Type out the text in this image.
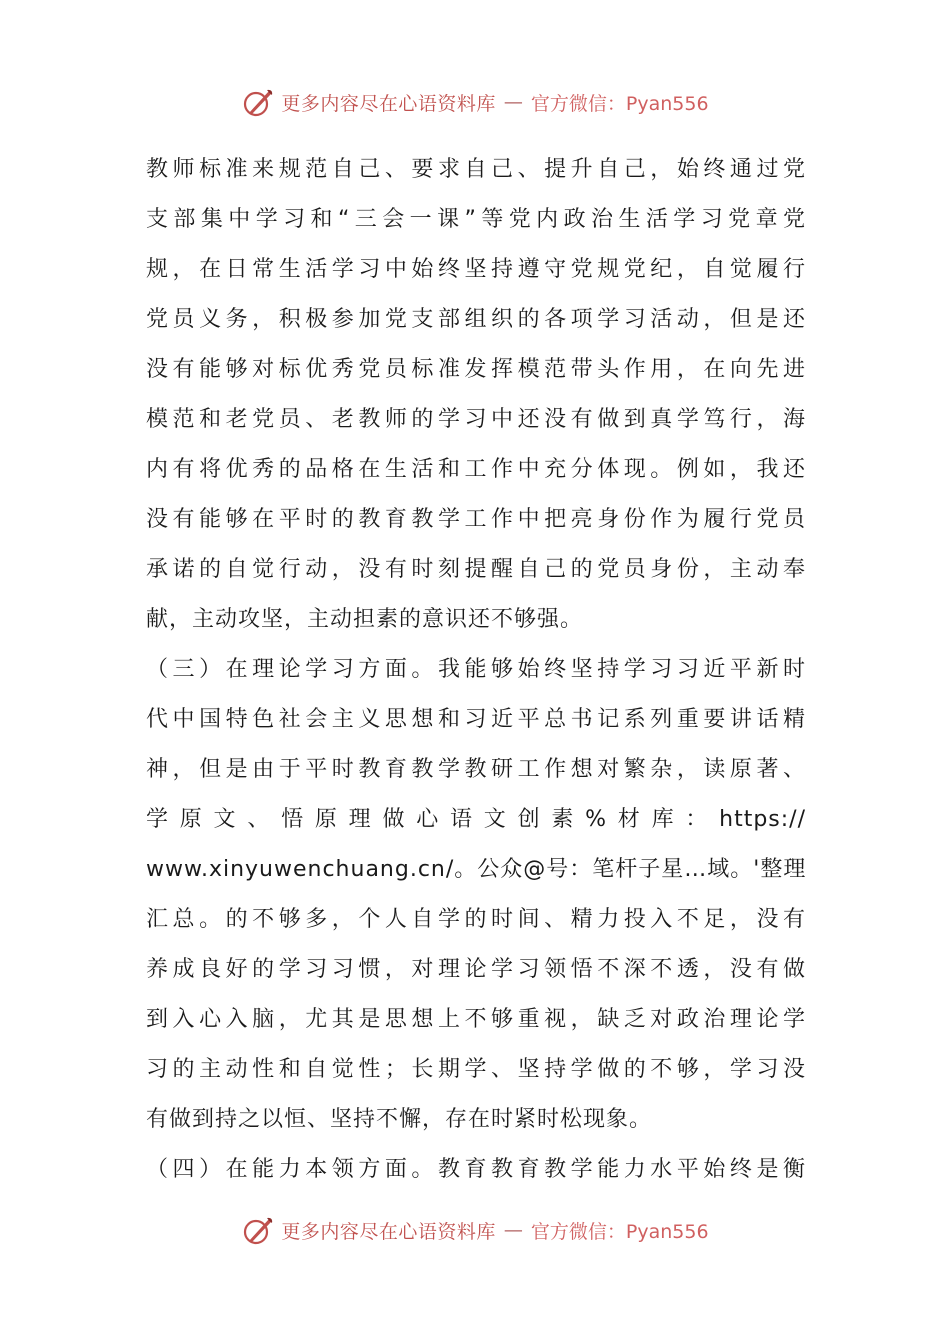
更多内容尽在心语资料库 — 官方微信：Pyan556
教师标准来规范自己、要求自己、提升自己，始终通过党
支部集中学习和“三会一课”等党内政治生活学习党章党
规，在日常生活学习中始终坚持遵守党规党纪，自觉履行
党员义务，积极参加党支部组织的各项学习活动，但是还
没有能够对标优秀党员标准发挥模范带头作用，在向先进
模范和老党员、老教师的学习中还没有做到真学笃行，海
内有将优秀的品格在生活和工作中充分体现。例如，我还
没有能够在平时的教育教学工作中把亮身份作为履行党员
承诺的自觉行动，没有时刻提醒自己的党员身份，主动奉
献，主动攻坚，主动担素的意识还不够强。
（三）在理论学习方面。我能够始终坚持学习习近平新时
代中国特色社会主义思想和习近平总书记系列重要讲话精
神，但是由于平时教育教学教研工作想对繁杂，读原著、
学原文、悟原理做心语文创素%材库：https://
www.xinyuwenchuang.cn/。公众@号：笔杆子星…域。'整理
汇总。的不够多，个人自学的时间、精力投入不足，没有
养成良好的学习习惯，对理论学习领悟不深不透，没有做
到入心入脑，尤其是思想上不够重视，缺乏对政治理论学
习的主动性和自觉性；长期学、坚持学做的不够，学习没
有做到持之以恒、坚持不懈，存在时紧时松现象。
（四）在能力本领方面。教育教育教学能力水平始终是衡
更多内容尽在心语资料库 — 官方微信：Pyan556
